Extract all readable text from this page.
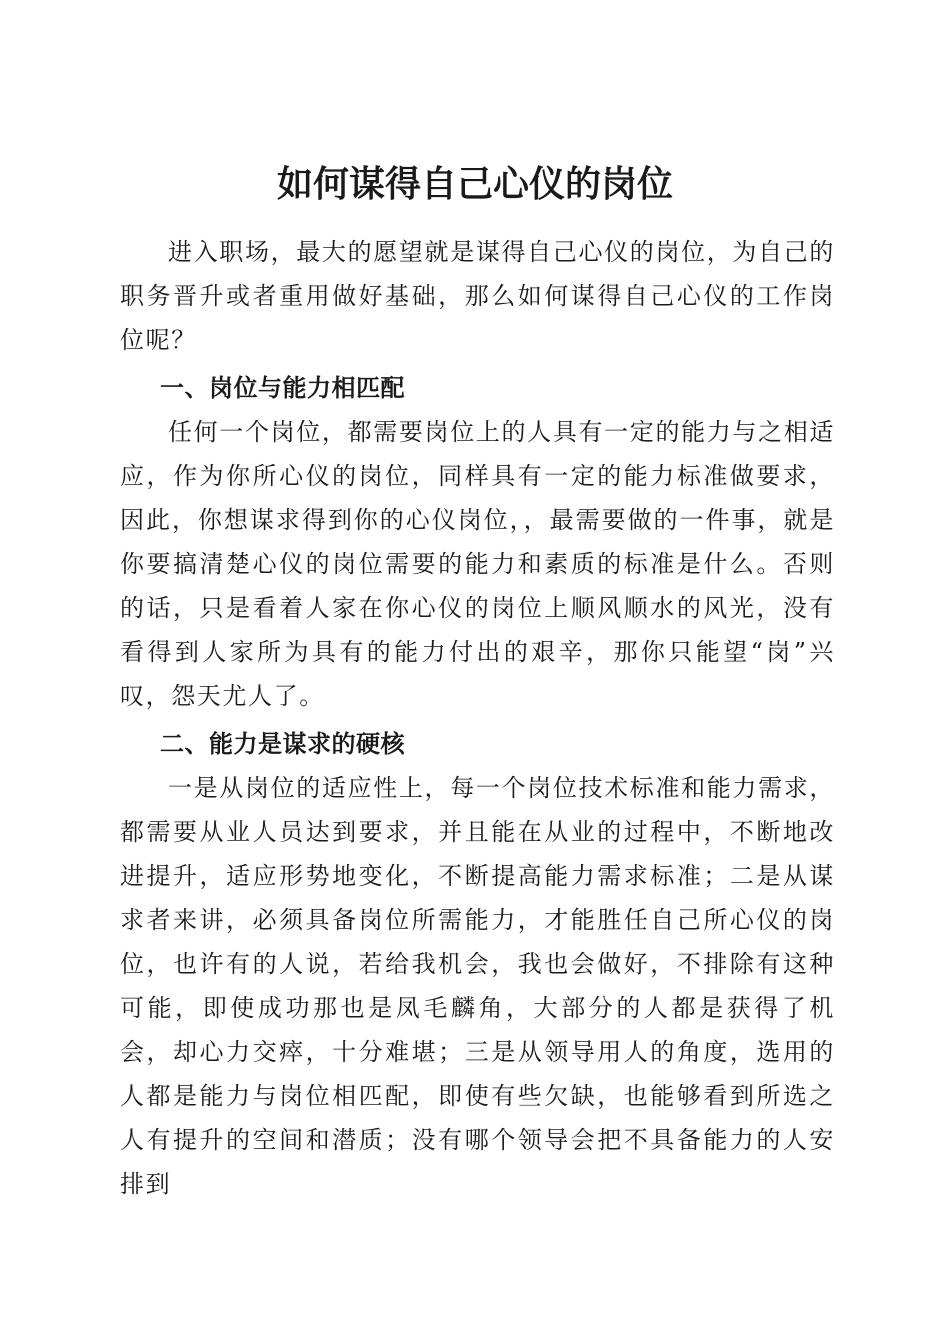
如何谋得自己心仪的岗位

进入职场，最大的愿望就是谋得自己心仪的岗位，为自己的职务晋升或者重用做好基础，那么如何谋得自己心仪的工作岗位呢？

一、岗位与能力相匹配

任何一个岗位，都需要岗位上的人具有一定的能力与之相适应，作为你所心仪的岗位，同样具有一定的能力标准做要求，因此，你想谋求得到你的心仪岗位，，最需要做的一件事，就是你要搞清楚心仪的岗位需要的能力和素质的标准是什么。否则的话，只是看着人家在你心仪的岗位上顺风顺水的风光，没有看得到人家所为具有的能力付出的艰辛，那你只能望“岗”兴叹，怨天尤人了。

二、能力是谋求的硬核

一是从岗位的适应性上，每一个岗位技术标准和能力需求，都需要从业人员达到要求，并且能在从业的过程中，不断地改进提升，适应形势地变化，不断提高能力需求标准；二是从谋求者来讲，必须具备岗位所需能力，才能胜任自己所心仪的岗位，也许有的人说，若给我机会，我也会做好，不排除有这种可能，即使成功那也是凤毛麟角，大部分的人都是获得了机会，却心力交瘁，十分难堪；三是从领导用人的角度，选用的人都是能力与岗位相匹配，即使有些欠缺，也能够看到所选之人有提升的空间和潜质；没有哪个领导会把不具备能力的人安排到
